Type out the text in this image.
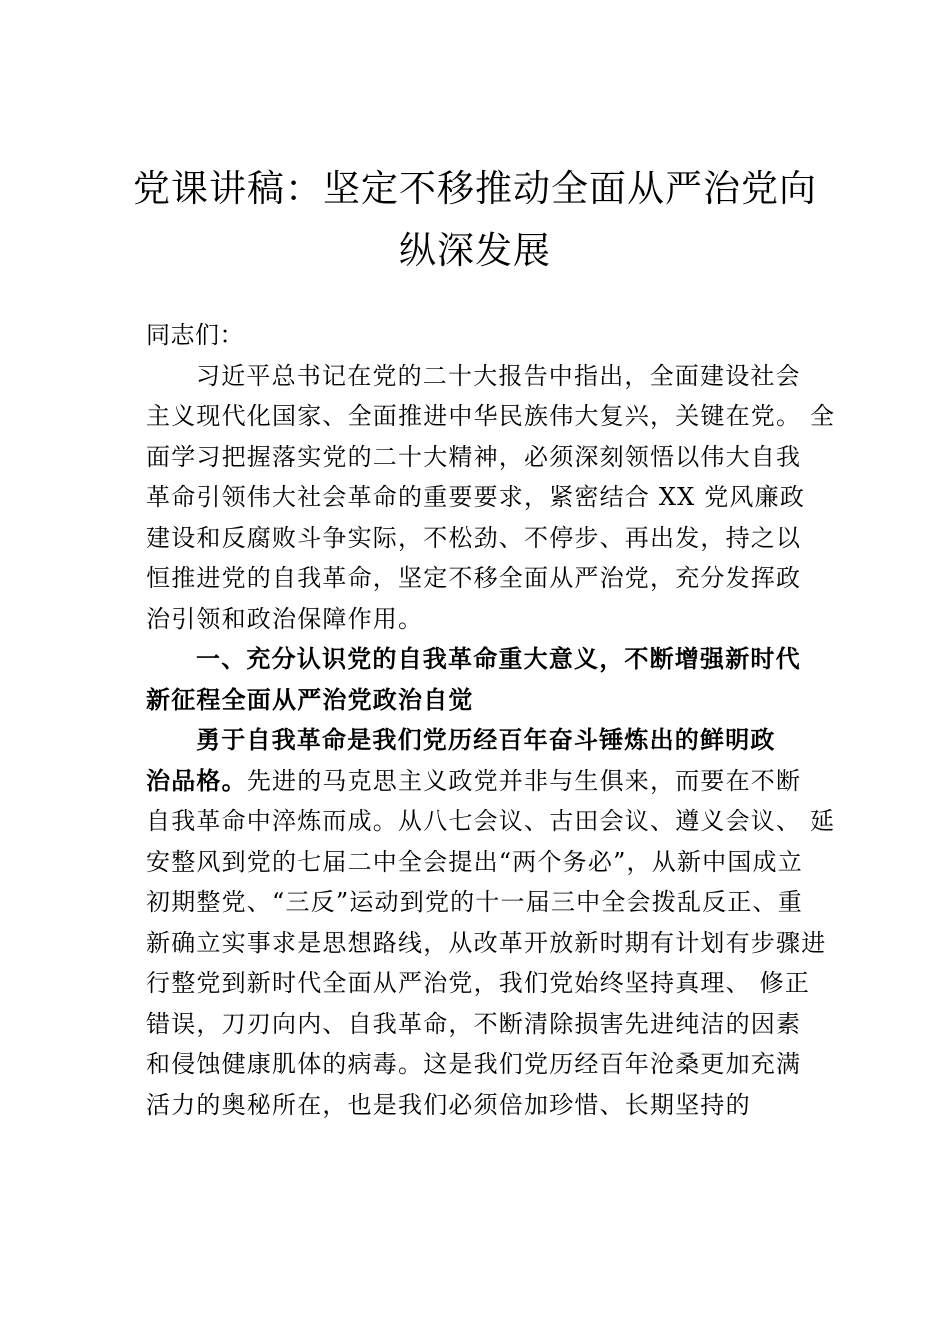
党课讲稿：坚定不移推动全面从严治党向
纵深发展
同志们：
习近平总书记在党的二十大报告中指出，全面建设社会
主义现代化国家、全面推进中华民族伟大复兴，关键在党。 全
面学习把握落实党的二十大精神，必须深刻领悟以伟大自我
革命引领伟大社会革命的重要要求，紧密结合 XX 党风廉政
建设和反腐败斗争实际，不松劲、不停步、再出发，持之以
恒推进党的自我革命，坚定不移全面从严治党，充分发挥政
治引领和政治保障作用。
一、充分认识党的自我革命重大意义，不断增强新时代
新征程全面从严治党政治自觉
勇于自我革命是我们党历经百年奋斗锤炼出的鲜明政
治品格。先进的马克思主义政党并非与生俱来，而要在不断
自我革命中淬炼而成。从八七会议、古田会议、遵义会议、 延
安整风到党的七届二中全会提出“两个务必”，从新中国成立
初期整党、“三反”运动到党的十一届三中全会拨乱反正、重
新确立实事求是思想路线，从改革开放新时期有计划有步骤进
行整党到新时代全面从严治党，我们党始终坚持真理、 修正
错误，刀刃向内、自我革命，不断清除损害先进纯洁的因素
和侵蚀健康肌体的病毒。这是我们党历经百年沧桑更加充满
活力的奥秘所在，也是我们必须倍加珍惜、长期坚持的
